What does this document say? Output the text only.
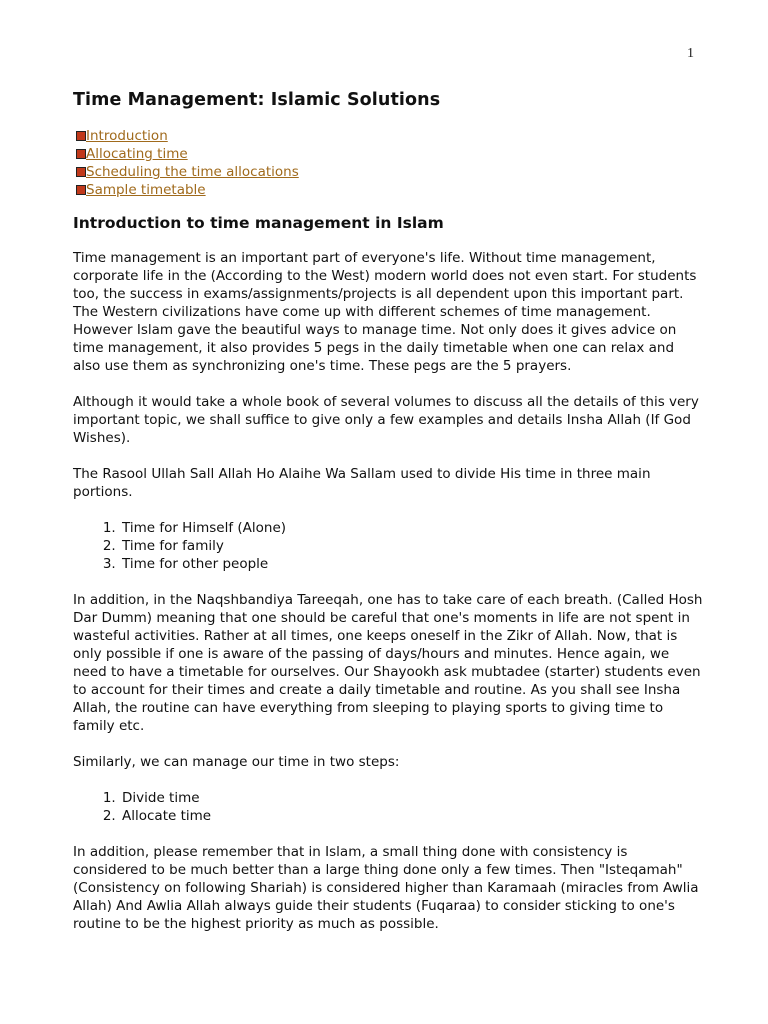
1
Time Management: Islamic Solutions
Introduction
Allocating time
Scheduling the time allocations
Sample timetable
Introduction to time management in Islam

Time management is an important part of everyone's life. Without time management, corporate life in the (According to the West) modern world does not even start. For students too, the success in exams/assignments/projects is all dependent upon this important part. The Western civilizations have come up with different schemes of time management. However Islam gave the beautiful ways to manage time. Not only does it gives advice on time management, it also provides 5 pegs in the daily timetable when one can relax and also use them as synchronizing one's time. These pegs are the 5 prayers.

Although it would take a whole book of several volumes to discuss all the details of this very important topic, we shall suffice to give only a few examples and details Insha Allah (If God Wishes).

The Rasool Ullah Sall Allah Ho Alaihe Wa Sallam used to divide His time in three main portions.

1. Time for Himself (Alone)
2. Time for family
3. Time for other people

In addition, in the Naqshbandiya Tareeqah, one has to take care of each breath. (Called Hosh Dar Dumm) meaning that one should be careful that one's moments in life are not spent in wasteful activities. Rather at all times, one keeps oneself in the Zikr of Allah. Now, that is only possible if one is aware of the passing of days/hours and minutes. Hence again, we need to have a timetable for ourselves. Our Shayookh ask mubtadee (starter) students even to account for their times and create a daily timetable and routine. As you shall see Insha Allah, the routine can have everything from sleeping to playing sports to giving time to family etc.

Similarly, we can manage our time in two steps:

1. Divide time
2. Allocate time

In addition, please remember that in Islam, a small thing done with consistency is considered to be much better than a large thing done only a few times. Then "Isteqamah" (Consistency on following Shariah) is considered higher than Karamaah (miracles from Awlia Allah) And Awlia Allah always guide their students (Fuqaraa) to consider sticking to one's routine to be the highest priority as much as possible.
